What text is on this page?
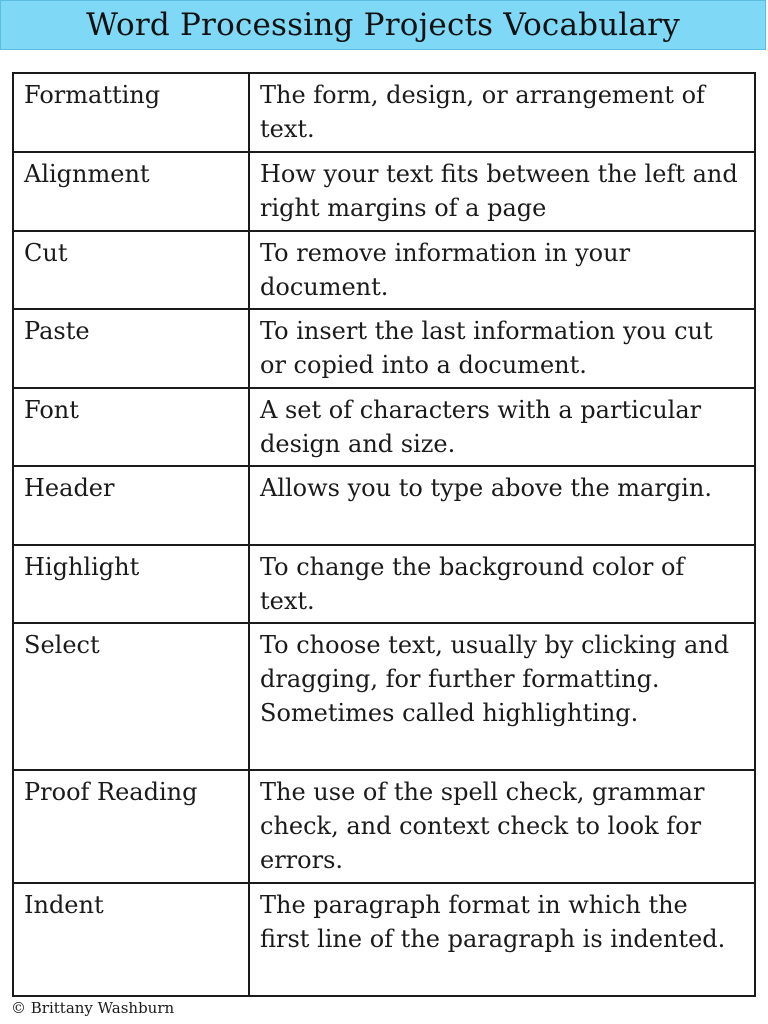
Word Processing Projects Vocabulary
Formatting	The form, design, or arrangement of text.
Alignment	How your text fits between the left and right margins of a page
Cut	To remove information in your document.
Paste	To insert the last information you cut or copied into a document.
Font	A set of characters with a particular design and size.
Header	Allows you to type above the margin.
Highlight	To change the background color of text.
Select	To choose text, usually by clicking and dragging, for further formatting. Sometimes called highlighting.
Proof Reading	The use of the spell check, grammar check, and context check to look for errors.
Indent	The paragraph format in which the first line of the paragraph is indented.
© Brittany Washburn
